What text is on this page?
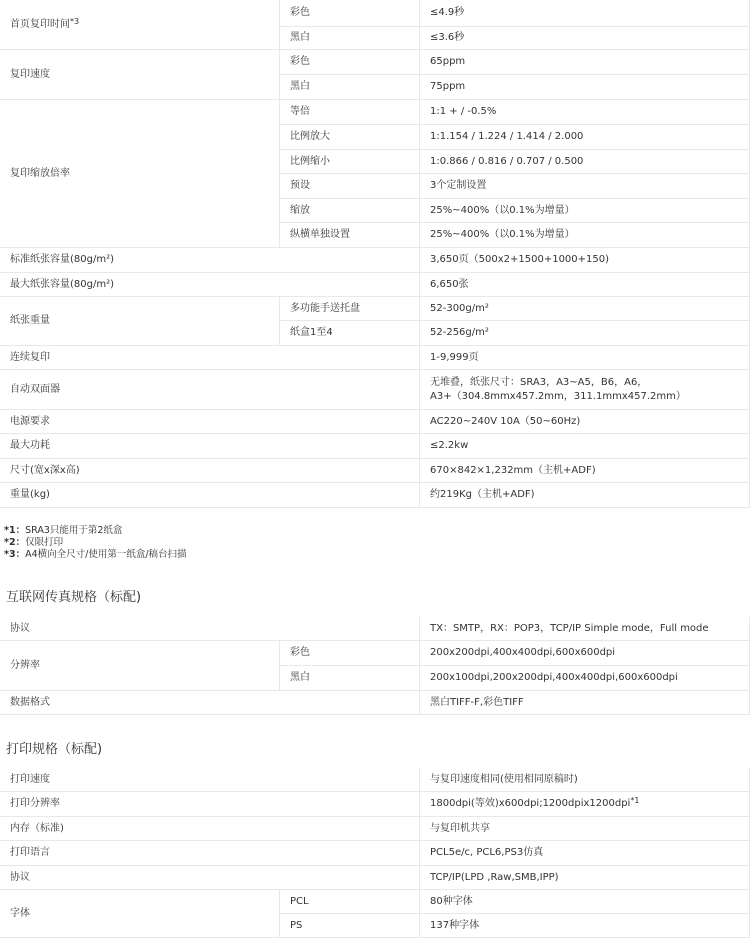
首页复印时间$^{*3}$
彩色	≤4.9秒
黑白	≤3.6秒
复印速度
彩色	65ppm
黑白	75ppm
复印缩放倍率
等倍	1:1 + / -0.5%
比例放大	1:1.154 / 1.224 / 1.414 / 2.000
比例缩小	1:0.866 / 0.816 / 0.707 / 0.500
预设	3个定制设置
缩放	25%~400%（以0.1%为增量）
纵横单独设置	25%~400%（以0.1%为增量）
标准纸张容量(80g/m²)	3,650页（500x2+1500+1000+150)
最大纸张容量(80g/m²)	6,650张
纸张重量
多功能手送托盘	52-300g/m²
纸盒1至4	52-256g/m²
连续复印	1-9,999页
自动双面器
无堆叠，纸张尺寸：SRA3，A3~A5，B6，A6，
A3+（304.8mmx457.2mm，311.1mmx457.2mm）
电源要求	AC220~240V 10A（50~60Hz)
最大功耗	≤2.2kw
尺寸(宽x深x高)	670×842×1,232mm（主机+ADF)
重量(kg)	约219Kg（主机+ADF)
*1：SRA3只能用于第2纸盒
*2：仅限打印
*3：A4横向全尺寸/使用第一纸盒/稿台扫描
互联网传真规格（标配)
协议	TX：SMTP，RX：POP3，TCP/IP Simple mode，Full mode
分辨率
彩色	200x200dpi,400x400dpi,600x600dpi
黑白	200x100dpi,200x200dpi,400x400dpi,600x600dpi
数据格式	黑白TIFF-F,彩色TIFF
打印规格（标配)
打印速度	与复印速度相同(使用相同原稿时)
打印分辨率	1800dpi(等效)x600dpi;1200dpix1200dpi$^{*1}$
内存（标准)	与复印机共享
打印语言	PCL5e/c, PCL6,PS3仿真
协议	TCP/IP(LPD ,Raw,SMB,IPP)
字体
PCL	80种字体
PS	137种字体
